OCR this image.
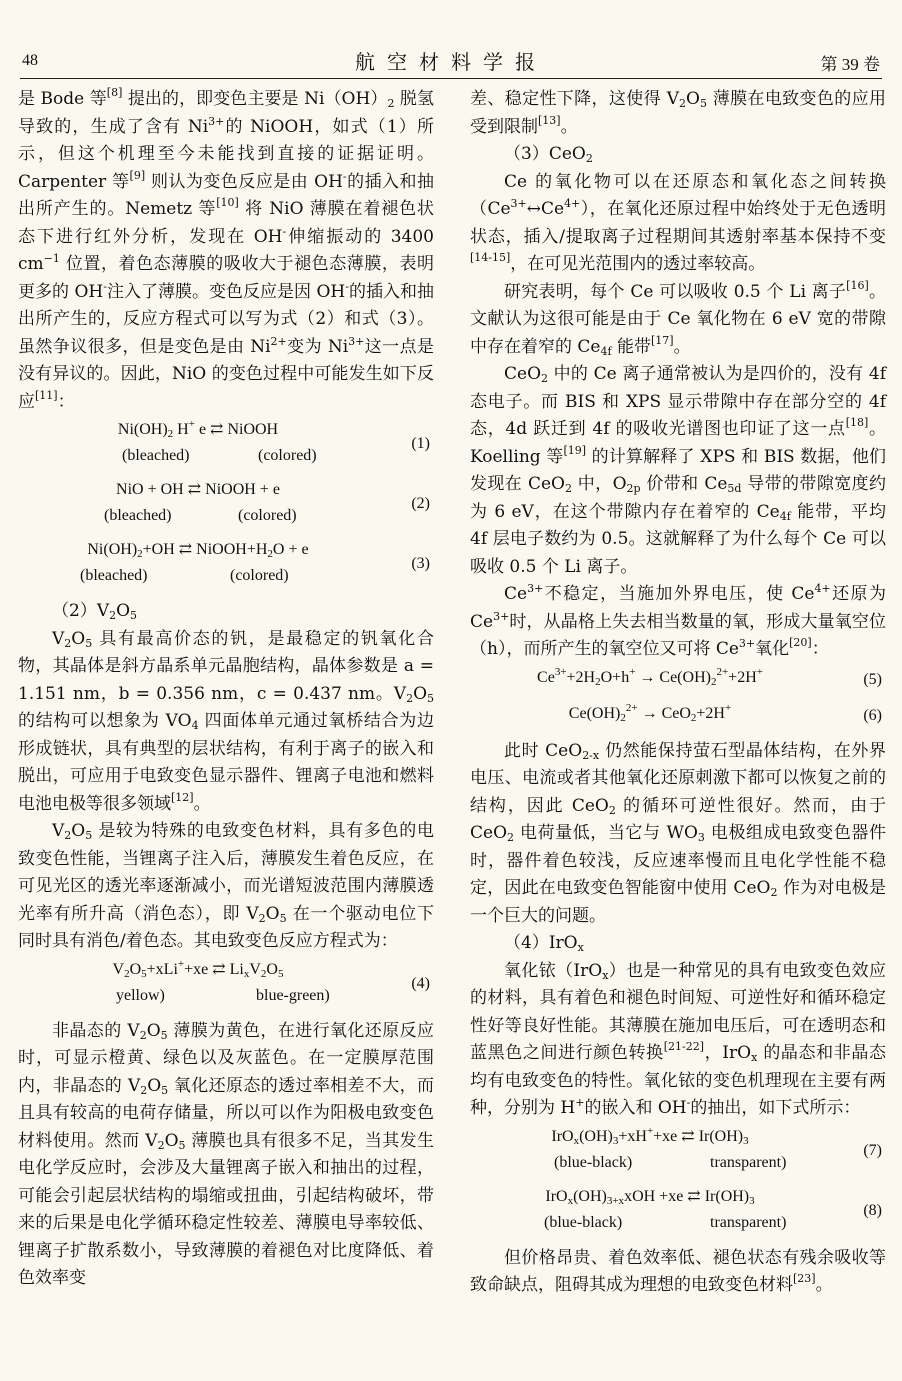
48	航空材料学报	第 39 卷

是 Bode 等[8] 提出的，即变色主要是 $Ni(OH)_2$ 脱氢导致的，生成了含有 $Ni^{3+}$的 NiOOH，如式（1）所示，但这个机理至今未能找到直接的证据证明。Carpenter 等[9] 则认为变色反应是由 OH-的插入和抽出所产生的。Nemetz 等[10] 将 NiO 薄膜在着褪色状态下进行红外分析，发现在 OH-伸缩振动的 3400 $cm^{-1}$ 位置，着色态薄膜的吸收大于褪色态薄膜，表明更多的 OH-注入了薄膜。变色反应是因 OH-的插入和抽出所产生的，反应方程式可以写为式（2）和式（3）。虽然争议很多，但是变色是由 $Ni^{2+}$变为 $Ni^{3+}$这一点是没有异议的。因此，NiO 的变色过程中可能发生如下反应[11]：

$Ni(OH)_2$ H+ e ⇄ NiOOH
(bleached)	(colored)
(1)
NiO + OH ⇄ NiOOH + e
(bleached)	(colored)
(2)
$Ni(OH)_2+OH$ ⇄ $NiOOH+H_2O + e$
(bleached)	(colored)
(3)

$(2)V_2O_5$

$V_2O_5$ 具有最高价态的钒，是最稳定的钒氧化合物，其晶体是斜方晶系单元晶胞结构，晶体参数是 a = 1.151 nm，b = 0.356 nm，c = 0.437 nm。$V_2O_5$ 的结构可以想象为 $VO_4$ 四面体单元通过氧桥结合为边形成链状，具有典型的层状结构，有利于离子的嵌入和脱出，可应用于电致变色显示器件、锂离子电池和燃料电池电极等很多领域[12]。

$V_2O_5$ 是较为特殊的电致变色材料，具有多色的电致变色性能，当锂离子注入后，薄膜发生着色反应，在可见光区的透光率逐渐减小，而光谱短波范围内薄膜透光率有所升高（消色态），即 $V_2O_5$ 在一个驱动电位下同时具有消色/着色态。其电致变色反应方程式为：

$V_2O_5+xLi^++xe$ ⇄ $Li_xV_2O_5$
yellow)	blue-green)
(4)

非晶态的 $V_2O_5$ 薄膜为黄色，在进行氧化还原反应时，可显示橙黄、绿色以及灰蓝色。在一定膜厚范围内，非晶态的 $V_2O_5$ 氧化还原态的透过率相差不大，而且具有较高的电荷存储量，所以可以作为阳极电致变色材料使用。然而 $V_2O_5$ 薄膜也具有很多不足，当其发生电化学反应时，会涉及大量锂离子嵌入和抽出的过程，可能会引起层状结构的塌缩或扭曲，引起结构破坏，带来的后果是电化学循环稳定性较差、薄膜电导率较低、锂离子扩散系数小，导致薄膜的着褪色对比度降低、着色效率变

差、稳定性下降，这使得 $V_2O_5$ 薄膜在电致变色的应用受到限制[13]。

（3）CeO$_2$

Ce 的氧化物可以在还原态和氧化态之间转换$(Ce^{3+}\leftrightarrow Ce^{4+})$，在氧化还原过程中始终处于无色透明状态，插入/提取离子过程期间其透射率基本保持不变[14-15]，在可见光范围内的透过率较高。

研究表明，每个 Ce 可以吸收 0.5 个 Li 离子[16]。文献认为这很可能是由于 Ce 氧化物在 6 eV 宽的带隙中存在着窄的 $Ce_{4f}$ 能带[17]。

CeO$_2$ 中的 Ce 离子通常被认为是四价的，没有 4f 态电子。而 BIS 和 XPS 显示带隙中存在部分空的 4f 态，4d 跃迁到 4f 的吸收光谱图也印证了这一点[18]。Koelling 等[19] 的计算解释了 XPS 和 BIS 数据，他们发现在 CeO$_2$ 中，$O_{2p}$ 价带和 $Ce_{5d}$ 导带的带隙宽度约为 6 eV，在这个带隙内存在着窄的 $Ce_{4f}$ 能带，平均 4f 层电子数约为 0.5。这就解释了为什么每个 Ce 可以吸收 0.5 个 Li 离子。

$Ce^{3+}$不稳定，当施加外界电压，使 $Ce^{4+}$还原为 $Ce^{3+}$时，从晶格上失去相当数量的氧，形成大量氧空位（h），而所产生的氧空位又可将 $Ce^{3+}$氧化[20]：

$Ce^{3+}+2H_2O+h^+ \to Ce(OH)_2^{2+}+2H^+$	(5)
$Ce(OH)_2^{2+} \to CeO_2+2H^+$	(6)

此时 CeO$_{2-x}$ 仍然能保持萤石型晶体结构，在外界电压、电流或者其他氧化还原刺激下都可以恢复之前的结构，因此 CeO$_2$ 的循环可逆性很好。然而，由于 CeO$_2$ 电荷量低，当它与 $WO_3$ 电极组成电致变色器件时，器件着色较浅，反应速率慢而且电化学性能不稳定，因此在电致变色智能窗中使用 CeO$_2$ 作为对电极是一个巨大的问题。

（4）IrO$_x$

氧化铱（IrO$_x$）也是一种常见的具有电致变色效应的材料，具有着色和褪色时间短、可逆性好和循环稳定性好等良好性能。其薄膜在施加电压后，可在透明态和蓝黑色之间进行颜色转换[21-22]，IrO$_x$ 的晶态和非晶态均有电致变色的特性。氧化铱的变色机理现在主要有两种，分别为 H+的嵌入和 OH-的抽出，如下式所示：

$IrO_x(OH)_3+xH^++xe$ ⇄ $Ir(OH)_3$
(blue-black)	transparent)
(7)
$IrO_x(OH)_{3+x}xOH +xe$ ⇄ $Ir(OH)_3$
(blue-black)	transparent)
(8)

但价格昂贵、着色效率低、褪色状态有残余吸收等致命缺点，阻碍其成为理想的电致变色材料[23]。
